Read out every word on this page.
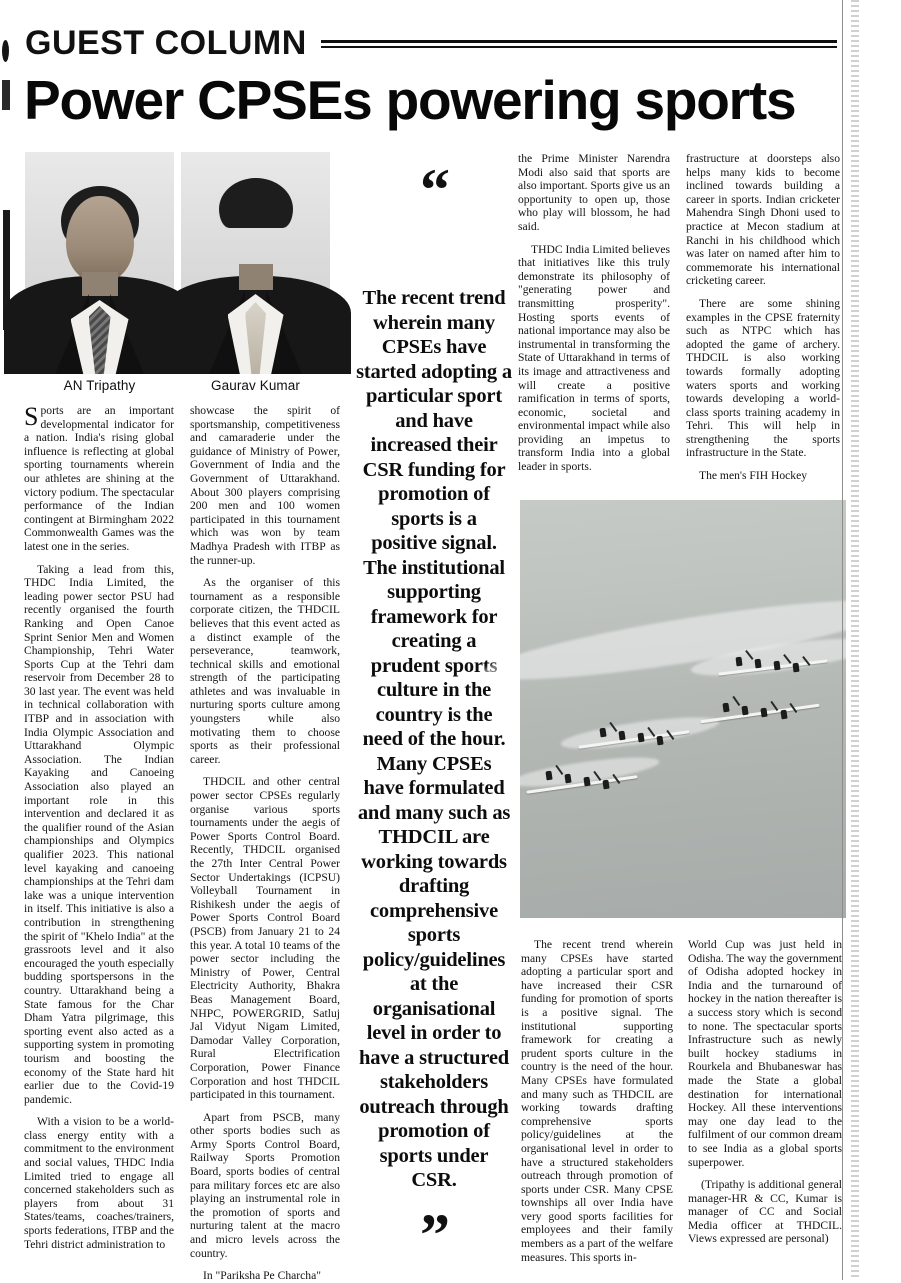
GUEST COLUMN
Power CPSEs powering sports
AN Tripathy	Gaurav Kumar

Sports are an important developmental indicator for a nation. India's rising global influence is reflecting at global sporting tournaments wherein our athletes are shining at the victory podium. The spectacular performance of the Indian contingent at Birmingham 2022 Commonwealth Games was the latest one in the series.

Taking a lead from this, THDC India Limited, the leading power sector PSU had recently organised the fourth Ranking and Open Canoe Sprint Senior Men and Women Championship, Tehri Water Sports Cup at the Tehri dam reservoir from December 28 to 30 last year. The event was held in technical collaboration with ITBP and in association with India Olympic Association and Uttarakhand Olympic Association. The Indian Kayaking and Canoeing Association also played an important role in this intervention and declared it as the qualifier round of the Asian championships and Olympics qualifier 2023. This national level kayaking and canoeing championships at the Tehri dam lake was a unique intervention in itself. This initiative is also a contribution in strengthening the spirit of "Khelo India" at the grassroots level and it also encouraged the youth especially budding sportspersons in the country. Uttarakhand being a State famous for the Char Dham Yatra pilgrimage, this sporting event also acted as a supporting system in promoting tourism and boosting the economy of the State hard hit earlier due to the Covid-19 pandemic.

With a vision to be a world-class energy entity with a commitment to the environment and social values, THDC India Limited tried to engage all concerned stakeholders such as players from about 31 States/teams, coaches/trainers, sports federations, ITBP and the Tehri district administration to

showcase the spirit of sportsmanship, competitiveness and camaraderie under the guidance of Ministry of Power, Government of India and the Government of Uttarakhand. About 300 players comprising 200 men and 100 women participated in this tournament which was won by team Madhya Pradesh with ITBP as the runner-up.

As the organiser of this tournament as a responsible corporate citizen, the THDCIL believes that this event acted as a distinct example of the perseverance, teamwork, technical skills and emotional strength of the participating athletes and was invaluable in nurturing sports culture among youngsters while also motivating them to choose sports as their professional career.

THDCIL and other central power sector CPSEs regularly organise various sports tournaments under the aegis of Power Sports Control Board. Recently, THDCIL organised the 27th Inter Central Power Sector Undertakings (ICPSU) Volleyball Tournament in Rishikesh under the aegis of Power Sports Control Board (PSCB) from January 21 to 24 this year. A total 10 teams of the power sector including the Ministry of Power, Central Electricity Authority, Bhakra Beas Management Board, NHPC, POWERGRID, Satluj Jal Vidyut Nigam Limited, Damodar Valley Corporation, Rural Electrification Corporation, Power Finance Corporation and host THDCIL participated in this tournament.

Apart from PSCB, many other sports bodies such as Army Sports Control Board, Railway Sports Promotion Board, sports bodies of central para military forces etc are also playing an instrumental role in the promotion of sports and nurturing talent at the macro and micro levels across the country.

In "Pariksha Pe Charcha"

“
The recent trend wherein many CPSEs have started adopting a particular sport and have increased their CSR funding for promotion of sports is a positive signal. The institutional supporting framework for creating a prudent sports culture in the country is the need of the hour. Many CPSEs have formulated and many such as THDCIL are working towards drafting comprehensive sports policy/guidelines at the organisational level in order to have a structured stakeholders outreach through promotion of sports under CSR.
”

the Prime Minister Narendra Modi also said that sports are also important. Sports give us an opportunity to open up, those who play will blossom, he had said.

THDC India Limited believes that initiatives like this truly demonstrate its philosophy of "generating power and transmitting prosperity". Hosting sports events of national importance may also be instrumental in transforming the State of Uttarakhand in terms of its image and attractiveness and will create a positive ramification in terms of sports, economic, societal and environmental impact while also providing an impetus to transform India into a global leader in sports.

frastructure at doorsteps also helps many kids to become inclined towards building a career in sports. Indian cricketer Mahendra Singh Dhoni used to practice at Mecon stadium at Ranchi in his childhood which was later on named after him to commemorate his international cricketing career.

There are some shining examples in the CPSE fraternity such as NTPC which has adopted the game of archery. THDCIL is also working towards formally adopting waters sports and working towards developing a world-class sports training academy in Tehri. This will help in strengthening the sports infrastructure in the State.

The men's FIH Hockey

The recent trend wherein many CPSEs have started adopting a particular sport and have increased their CSR funding for promotion of sports is a positive signal. The institutional supporting framework for creating a prudent sports culture in the country is the need of the hour. Many CPSEs have formulated and many such as THDCIL are working towards drafting comprehensive sports policy/guidelines at the organisational level in order to have a structured stakeholders outreach through promotion of sports under CSR. Many CPSE townships all over India have very good sports facilities for employees and their family members as a part of the welfare measures. This sports in-

World Cup was just held in Odisha. The way the government of Odisha adopted hockey in India and the turnaround of hockey in the nation thereafter is a success story which is second to none. The spectacular sports Infrastructure such as newly built hockey stadiums in Rourkela and Bhubaneswar has made the State a global destination for international Hockey. All these interventions may one day lead to the fulfilment of our common dream to see India as a global sports superpower.

(Tripathy is additional general manager-HR & CC, Kumar is manager of CC and Social Media officer at THDCIL. Views expressed are personal)
